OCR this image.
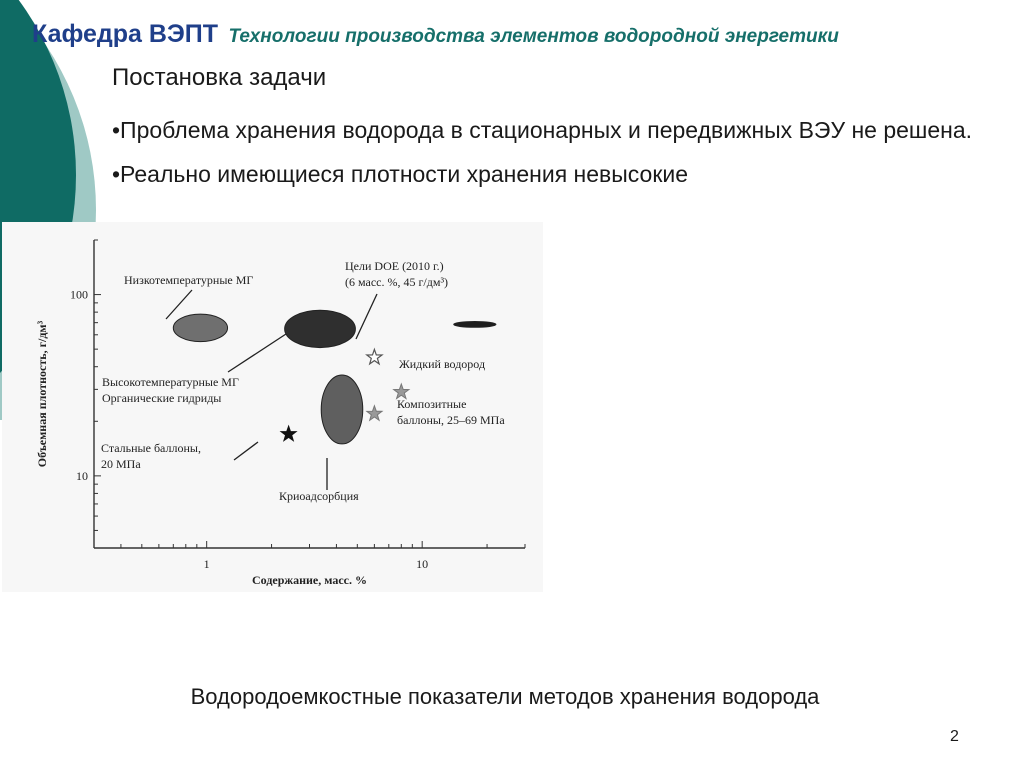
Кафедра ВЭПТ Технологии производства элементов водородной энергетики
Постановка задачи
•Проблема хранения водорода в стационарных и передвижных ВЭУ не решена.
•Реально имеющиеся плотности хранения невысокие
1	10
100
10
Содержание, масс. %
Объемная плотность, г/дм³
Низкотемпературные МГ
Высокотемпературные МГ
Органические гидриды
Криоадсорбция
Жидкий водород
Цели DOE (2010 г.)
(6 масс. %, 45 г/дм³)
Композитные
баллоны, 25–69 МПа
Стальные баллоны,
20 МПа
Водородоемкостные показатели методов хранения водорода
2
